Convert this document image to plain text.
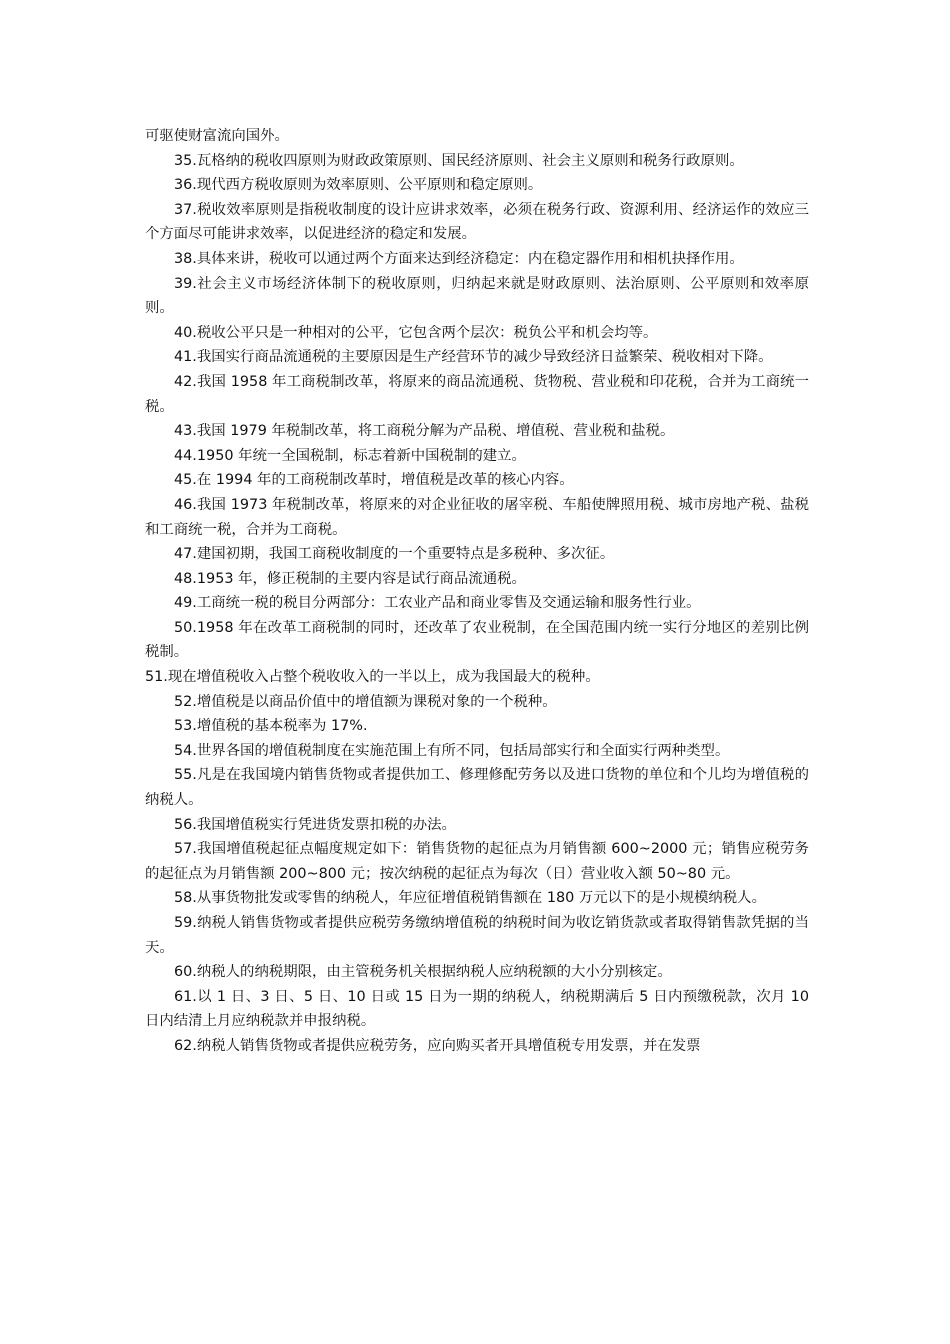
可驱使财富流向国外。

35.瓦格纳的税收四原则为财政政策原则、国民经济原则、社会主义原则和税务行政原则。

36.现代西方税收原则为效率原则、公平原则和稳定原则。

37.税收效率原则是指税收制度的设计应讲求效率，必须在税务行政、资源利用、经济运作的效应三个方面尽可能讲求效率，以促进经济的稳定和发展。

38.具体来讲，税收可以通过两个方面来达到经济稳定：内在稳定器作用和相机抉择作用。

39.社会主义市场经济体制下的税收原则，归纳起来就是财政原则、法治原则、公平原则和效率原则。

40.税收公平只是一种相对的公平，它包含两个层次：税负公平和机会均等。

41.我国实行商品流通税的主要原因是生产经营环节的减少导致经济日益繁荣、税收相对下降。

42.我国 1958 年工商税制改革，将原来的商品流通税、货物税、营业税和印花税，合并为工商统一税。

43.我国 1979 年税制改革，将工商税分解为产品税、增值税、营业税和盐税。

44.1950 年统一全国税制，标志着新中国税制的建立。

45.在 1994 年的工商税制改革时，增值税是改革的核心内容。

46.我国 1973 年税制改革，将原来的对企业征收的屠宰税、车船使牌照用税、城市房地产税、盐税和工商统一税，合并为工商税。

47.建国初期，我国工商税收制度的一个重要特点是多税种、多次征。

48.1953 年，修正税制的主要内容是试行商品流通税。

49.工商统一税的税目分两部分：工农业产品和商业零售及交通运输和服务性行业。

50.1958 年在改革工商税制的同时，还改革了农业税制，在全国范围内统一实行分地区的差别比例税制。

51.现在增值税收入占整个税收收入的一半以上，成为我国最大的税种。

52.增值税是以商品价值中的增值额为课税对象的一个税种。

53.增值税的基本税率为 17%.

54.世界各国的增值税制度在实施范围上有所不同，包括局部实行和全面实行两种类型。

55.凡是在我国境内销售货物或者提供加工、修理修配劳务以及进口货物的单位和个儿均为增值税的纳税人。

56.我国增值税实行凭进货发票扣税的办法。

57.我国增值税起征点幅度规定如下：销售货物的起征点为月销售额 600~2000 元；销售应税劳务的起征点为月销售额 200~800 元；按次纳税的起征点为每次（日）营业收入额 50~80 元。

58.从事货物批发或零售的纳税人，年应征增值税销售额在 180 万元以下的是小规模纳税人。

59.纳税人销售货物或者提供应税劳务缴纳增值税的纳税时间为收讫销货款或者取得销售款凭据的当天。

60.纳税人的纳税期限，由主管税务机关根据纳税人应纳税额的大小分别核定。

61.以 1 日、3 日、5 日、10 日或 15 日为一期的纳税人，纳税期满后 5 日内预缴税款，次月 10 日内结清上月应纳税款并申报纳税。

62.纳税人销售货物或者提供应税劳务，应向购买者开具增值税专用发票，并在发票
